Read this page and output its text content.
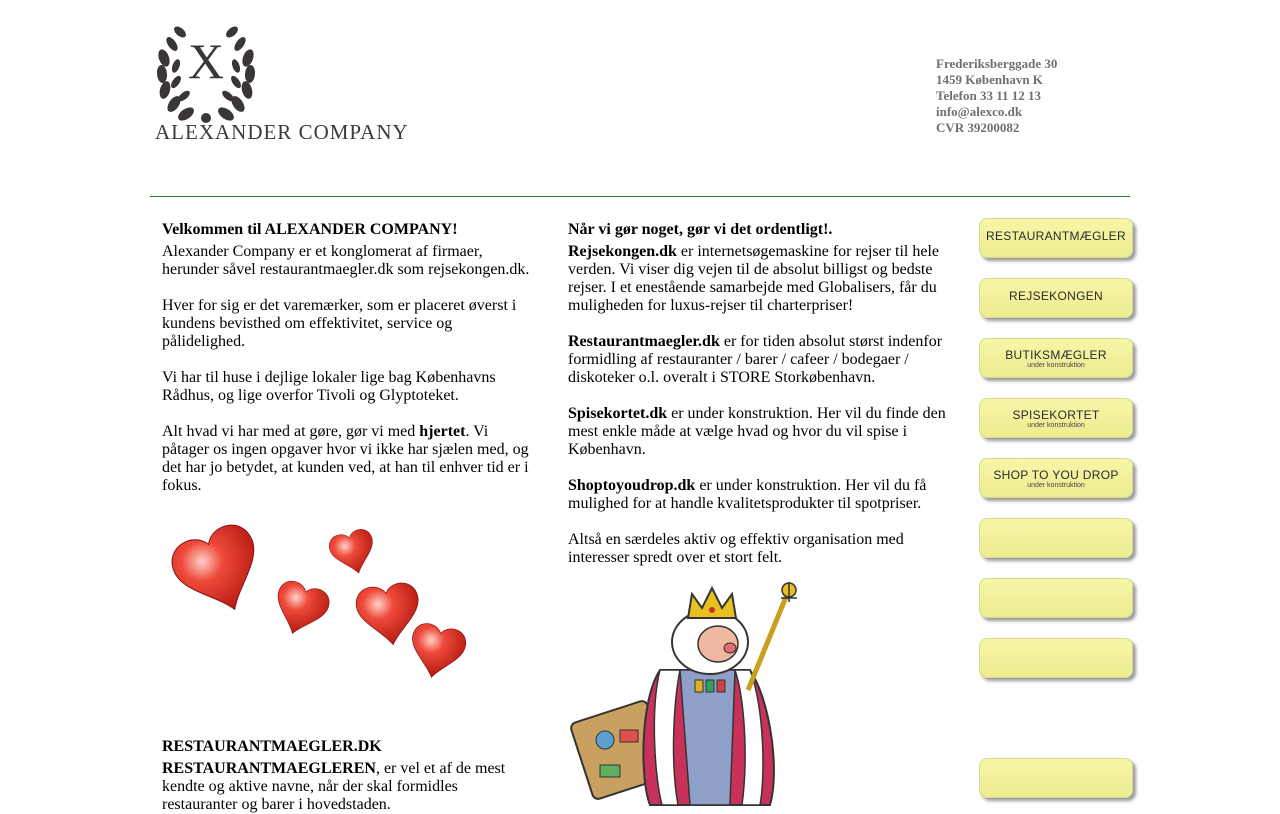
X
ALEXANDER COMPANY
Frederiksberggade 30
1459 København K
Telefon 33 11 12 13
info@alexco.dk
CVR 39200082
Velkommen til ALEXANDER COMPANY!

Alexander Company er et konglomerat af firmaer, herunder såvel restaurantmaegler.dk som rejsekongen.dk.

Hver for sig er det varemærker, som er placeret øverst i kundens bevisthed om effektivitet, service og pålidelighed.

Vi har til huse i dejlige lokaler lige bag Københavns Rådhus, og lige overfor Tivoli og Glyptoteket.

Alt hvad vi har med at gøre, gør vi med hjertet. Vi påtager os ingen opgaver hvor vi ikke har sjælen med, og det har jo betydet, at kunden ved, at han til enhver tid er i fokus.

RESTAURANTMAEGLER.DK
RESTAURANTMAEGLEREN, er vel et af de mest kendte og aktive navne, når der skal formidles restauranter og barer i hovedstaden.
Når vi gør noget, gør vi det ordentligt!.

Rejsekongen.dk er internetsøgemaskine for rejser til hele verden. Vi viser dig vejen til de absolut billigst og bedste rejser. I et enestående samarbejde med Globalisers, får du muligheden for luxus-rejser til charterpriser!

Restaurantmaegler.dk er for tiden absolut størst indenfor formidling af restauranter / barer / cafeer / bodegaer / diskoteker o.l. overalt i STORE Storkøbenhavn.

Spisekortet.dk er under konstruktion. Her vil du finde den mest enkle måde at vælge hvad og hvor du vil spise i København.

Shoptoyoudrop.dk er under konstruktion. Her vil du få mulighed for at handle kvalitetsprodukter til spotpriser.

Altså en særdeles aktiv og effektiv organisation med interesser spredt over et stort felt.

RESTAURANTMÆGLER
REJSEKONGEN
BUTIKSMÆGLER
under konstruktion
SPISEKORTET
under konstruktion
SHOP TO YOU DROP
under konstruktion
